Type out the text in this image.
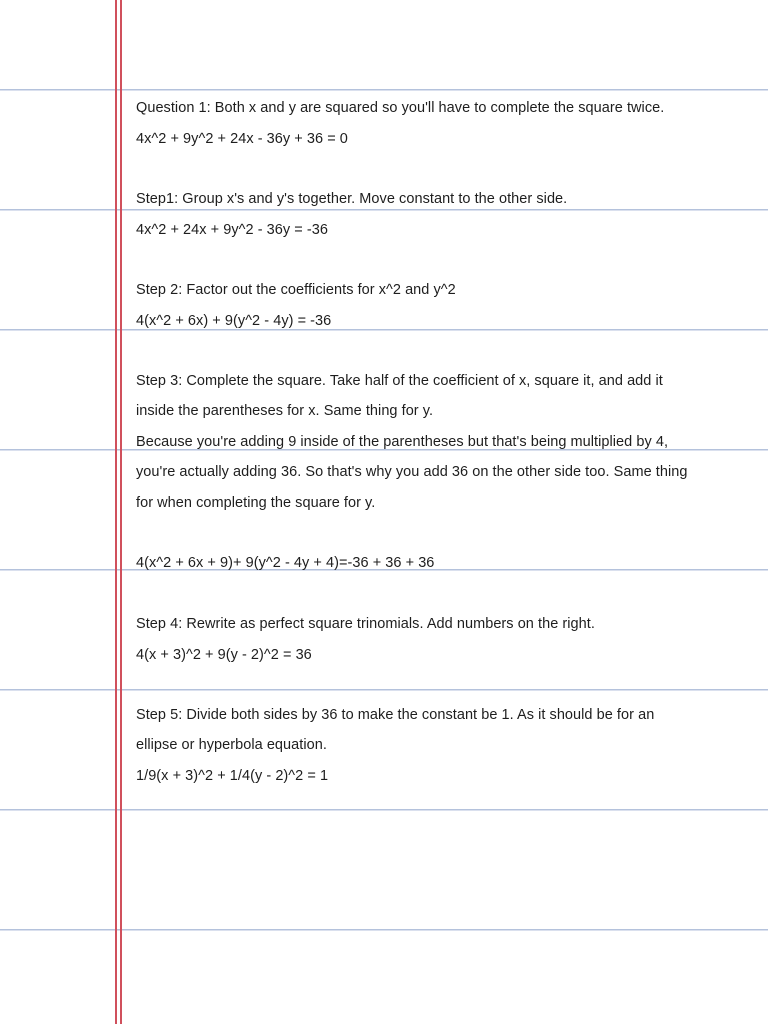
Question 1: Both x and y are squared so you'll have to complete the square twice.
4x^2 + 9y^2 + 24x - 36y + 36 = 0
Step1: Group x's and y's together. Move constant to the other side.
4x^2 + 24x + 9y^2 - 36y = -36
Step 2: Factor out the coefficients for x^2 and y^2
4(x^2 + 6x) + 9(y^2 - 4y) = -36
Step 3: Complete the square. Take half of the coefficient of x, square it, and add it
inside the parentheses for x. Same thing for y.
Because you're adding 9 inside of the parentheses but that's being multiplied by 4,
you're actually adding 36. So that's why you add 36 on the other side too. Same thing
for when completing the square for y.
4(x^2 + 6x + 9)+ 9(y^2 - 4y + 4)=-36 + 36 + 36
Step 4: Rewrite as perfect square trinomials. Add numbers on the right.
4(x + 3)^2 + 9(y - 2)^2 = 36
Step 5: Divide both sides by 36 to make the constant be 1. As it should be for an
ellipse or hyperbola equation.
1/9(x + 3)^2 + 1/4(y - 2)^2 = 1
